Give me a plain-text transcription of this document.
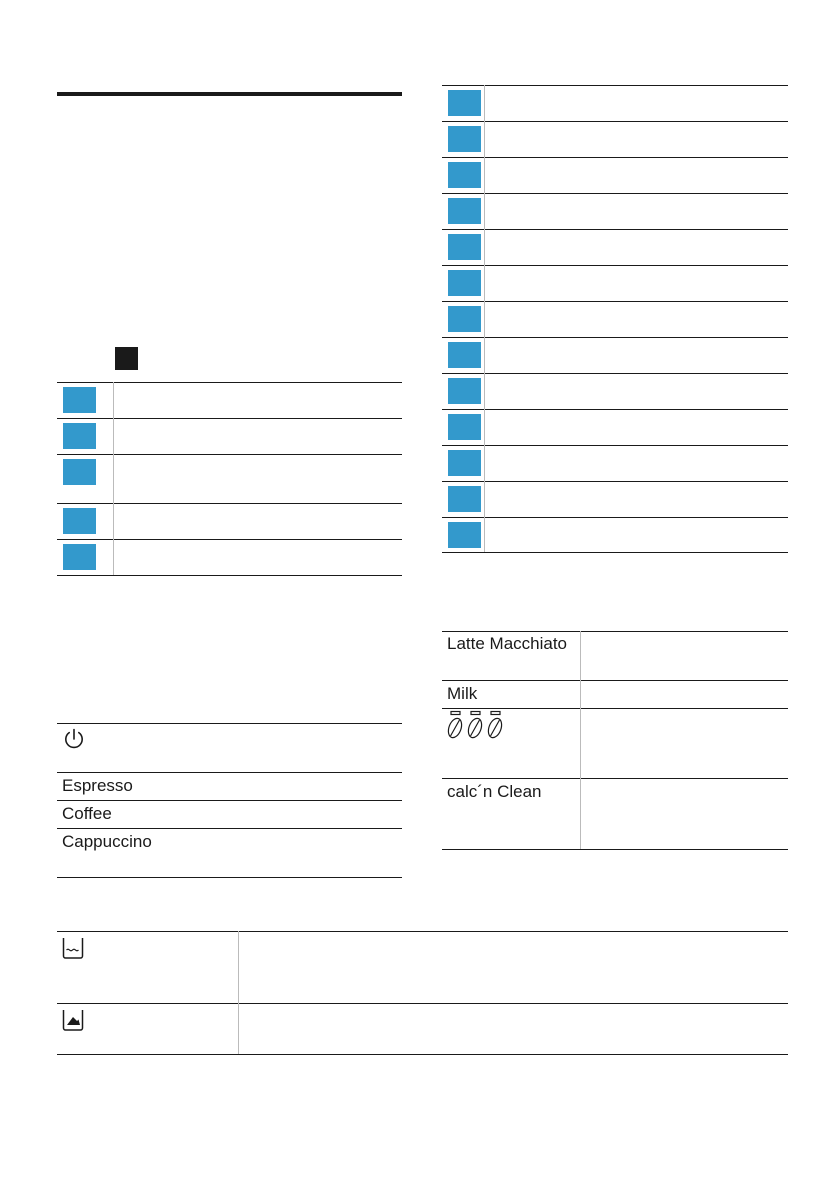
Espresso
Coffee
Cappuccino
Latte Macchiato
Milk
calc´n Clean
